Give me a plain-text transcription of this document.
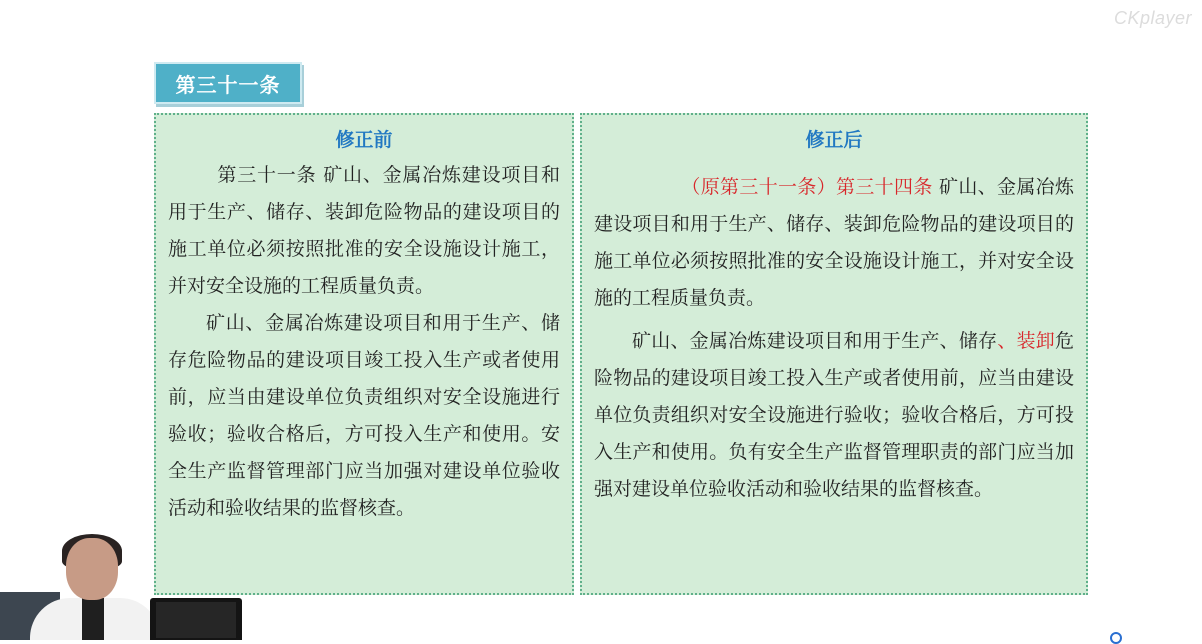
CKplayer
第三十一条
修正前

第三十一条 矿山、金属冶炼建设项目和用于生产、储存、装卸危险物品的建设项目的施工单位必须按照批准的安全设施设计施工，并对安全设施的工程质量负责。

矿山、金属冶炼建设项目和用于生产、储存危险物品的建设项目竣工投入生产或者使用前，应当由建设单位负责组织对安全设施进行验收；验收合格后，方可投入生产和使用。安全生产监督管理部门应当加强对建设单位验收活动和验收结果的监督核查。

修正后

（原第三十一条）第三十四条 矿山、金属冶炼建设项目和用于生产、储存、装卸危险物品的建设项目的施工单位必须按照批准的安全设施设计施工，并对安全设施的工程质量负责。

矿山、金属冶炼建设项目和用于生产、储存、装卸危险物品的建设项目竣工投入生产或者使用前，应当由建设单位负责组织对安全设施进行验收；验收合格后，方可投入生产和使用。负有安全生产监督管理职责的部门应当加强对建设单位验收活动和验收结果的监督核查。
